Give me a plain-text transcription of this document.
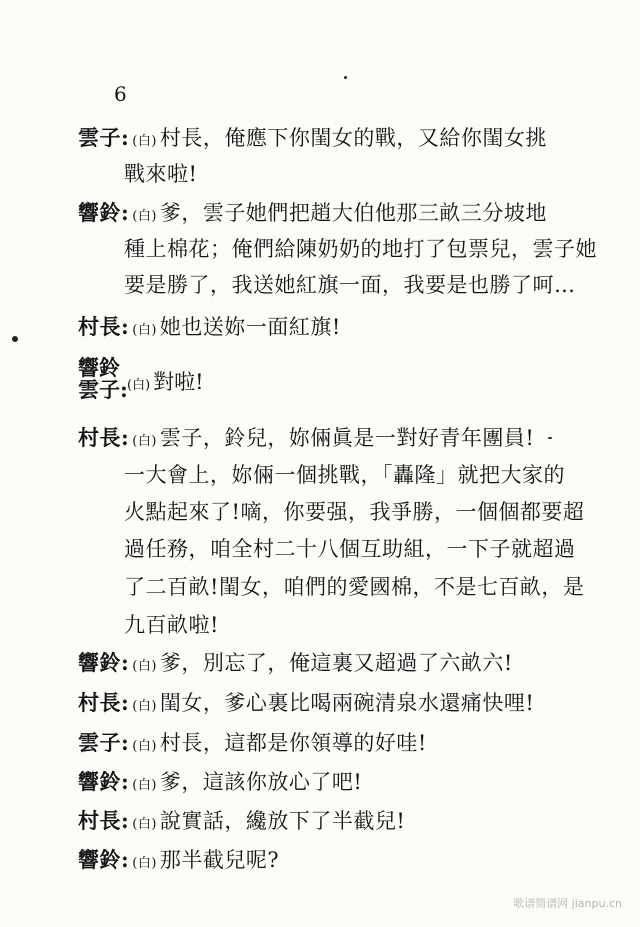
6
雲子: (白) 村長，俺應下你閨女的戰，又給你閨女挑
戰來啦!
響鈴: (白) 爹，雲子她們把趙大伯他那三畝三分坡地
種上棉花；俺們給陳奶奶的地打了包票兒，雲子她
要是勝了，我送她紅旗一面，我要是也勝了呵…
村長: (白) 她也送妳一面紅旗!
響鈴
雲子: (白) 對啦!
村長: (白) 雲子，鈴兒，妳倆眞是一對好青年團員!
一大會上，妳倆一個挑戰，「轟隆」就把大家的
火點起來了!嘀，你要强，我爭勝，一個個都要超
過任務，咱全村二十八個互助組，一下子就超過
了二百畝!閨女，咱們的愛國棉，不是七百畝，是
九百畝啦!
響鈴: (白) 爹，別忘了，俺這裏又超過了六畝六!
村長: (白) 閨女，爹心裏比喝兩碗清泉水還痛快哩!
雲子: (白) 村長，這都是你領導的好哇!
響鈴: (白) 爹，這該你放心了吧!
村長: (白) 說實話，纔放下了半截兒!
響鈴: (白) 那半截兒呢?
歌谱简谱网 jianpu.cn
